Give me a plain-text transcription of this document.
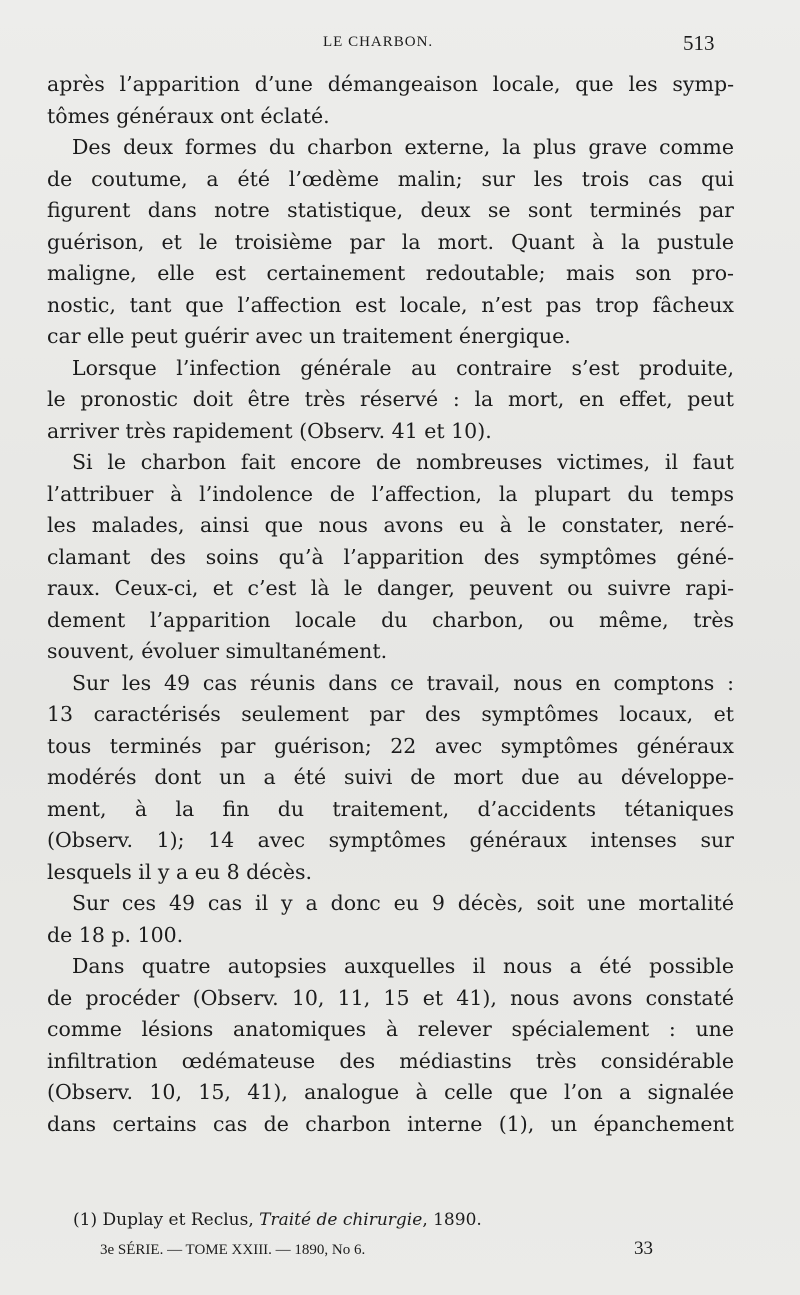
LE CHARBON.	513
après l’apparition d’une démangeaison locale, que les symp-
tômes généraux ont éclaté.
Des deux formes du charbon externe, la plus grave comme
de coutume, a été l’œdème malin; sur les trois cas qui
figurent dans notre statistique, deux se sont terminés par
guérison, et le troisième par la mort. Quant à la pustule
maligne, elle est certainement redoutable; mais son pro-
nostic, tant que l’affection est locale, n’est pas trop fâcheux
car elle peut guérir avec un traitement énergique.
Lorsque l’infection générale au contraire s’est produite,
le pronostic doit être très réservé : la mort, en effet, peut
arriver très rapidement (Observ. 41 et 10).
Si le charbon fait encore de nombreuses victimes, il faut
l’attribuer à l’indolence de l’affection, la plupart du temps
les malades, ainsi que nous avons eu à le constater, neré-
clamant des soins qu’à l’apparition des symptômes géné-
raux. Ceux-ci, et c’est là le danger, peuvent ou suivre rapi-
dement l’apparition locale du charbon, ou même, très
souvent, évoluer simultanément.
Sur les 49 cas réunis dans ce travail, nous en comptons :
13 caractérisés seulement par des symptômes locaux, et
tous terminés par guérison; 22 avec symptômes généraux
modérés dont un a été suivi de mort due au développe-
ment, à la fin du traitement, d’accidents tétaniques
(Observ. 1); 14 avec symptômes généraux intenses sur
lesquels il y a eu 8 décès.
Sur ces 49 cas il y a donc eu 9 décès, soit une mortalité
de 18 p. 100.
Dans quatre autopsies auxquelles il nous a été possible
de procéder (Observ. 10, 11, 15 et 41), nous avons constaté
comme lésions anatomiques à relever spécialement : une
infiltration œdémateuse des médiastins très considérable
(Observ. 10, 15, 41), analogue à celle que l’on a signalée
dans certains cas de charbon interne (1), un épanchement
(1) Duplay et Reclus, Traité de chirurgie, 1890.
3e SÉRIE. — TOME XXIII. — 1890, No 6.	33
